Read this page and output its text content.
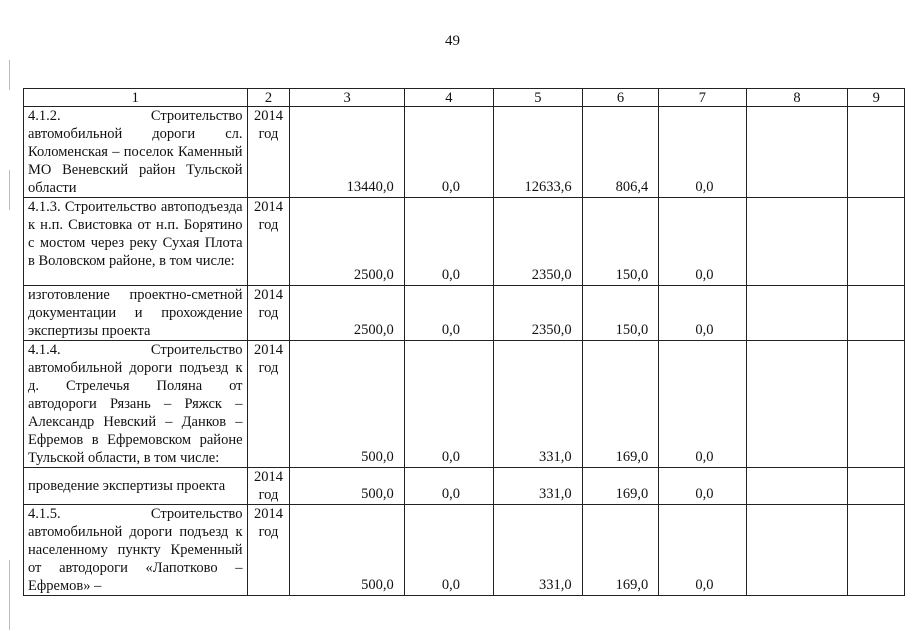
49
1	2	3	4	5	6	7	8	9
4.1.2. Строительство автомобильной дороги сл. Коломенская – поселок Каменный МО Веневский район Тульской области	2014 год	13440,0	0,0	12633,6	806,4	0,0		
4.1.3. Строительство автоподъезда к н.п. Свистовка от н.п. Борятино с мостом через реку Сухая Плота в Воловском районе, в том числе:	2014 год	2500,0	0,0	2350,0	150,0	0,0		
изготовление проектно-сметной документации и прохождение экспертизы проекта	2014 год	2500,0	0,0	2350,0	150,0	0,0		
4.1.4. Строительство автомобильной дороги подъезд к д. Стрелечья Поляна от автодороги Рязань – Ряжск – Александр Невский – Данков – Ефремов в Ефремовском районе Тульской области, в том числе:	2014 год	500,0	0,0	331,0	169,0	0,0		
проведение экспертизы проекта	2014 год	500,0	0,0	331,0	169,0	0,0		
4.1.5. Строительство автомобильной дороги подъезд к населенному пункту Кременный от автодороги «Лапотково – Ефремов» –	2014 год	500,0	0,0	331,0	169,0	0,0		
